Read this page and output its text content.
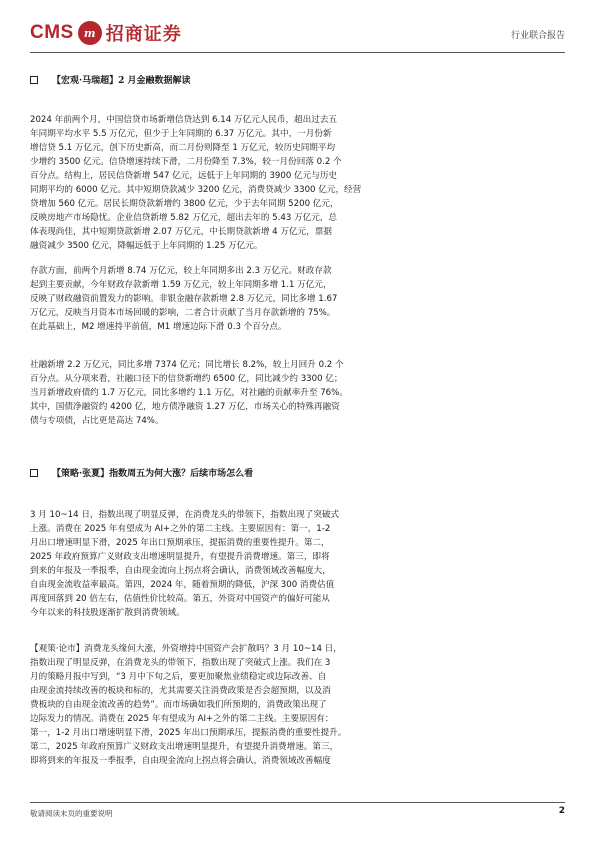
CMS m 招商证券	行业联合报告
【宏观·马瑞超】2 月金融数据解读
2024 年前两个月，中国信贷市场新增信贷达到 6.14 万亿元人民币，超出过去五
年同期平均水平 5.5 万亿元，但少于上年同期的 6.37 万亿元。其中，一月份新
增信贷 5.1 万亿元，创下历史新高，而二月份则降至 1 万亿元，较历史同期平均
少增约 3500 亿元。信贷增速持续下滑，二月份降至 7.3%，较一月份回落 0.2 个
百分点。结构上，居民信贷新增 547 亿元，远低于上年同期的 3900 亿元与历史
同期平均的 6000 亿元。其中短期贷款减少 3200 亿元，消费贷减少 3300 亿元，经营
贷增加 560 亿元。居民长期贷款新增约 3800 亿元，少于去年同期 5200 亿元，
反映房地产市场隐忧。企业信贷新增 5.82 万亿元，超出去年的 5.43 万亿元，总
体表现尚佳，其中短期贷款新增 2.07 万亿元，中长期贷款新增 4 万亿元，票据
融资减少 3500 亿元，降幅远低于上年同期的 1.25 万亿元。
存款方面，前两个月新增 8.74 万亿元，较上年同期多出 2.3 万亿元。财政存款
起到主要贡献，今年财政存款新增 1.59 万亿元，较上年同期多增 1.1 万亿元，
反映了财政融资前置发力的影响。非银金融存款新增 2.8 万亿元，同比多增 1.67
万亿元，反映当月资本市场回暖的影响，二者合计贡献了当月存款新增的 75%。
在此基础上，M2 增速持平前值，M1 增速边际下滑 0.3 个百分点。
社融新增 2.2 万亿元，同比多增 7374 亿元；同比增长 8.2%，较上月回升 0.2 个
百分点。从分项来看，社融口径下的信贷新增约 6500 亿，同比减少约 3300 亿；
当月新增政府债约 1.7 万亿元，同比多增约 1.1 万亿，对社融的贡献率升至 76%。
其中，国债净融资约 4200 亿，地方债净融资 1.27 万亿，市场关心的特殊再融资
债与专项债，占比更是高达 74%。
【策略·张夏】指数周五为何大涨？后续市场怎么看
3 月 10~14 日，指数出现了明显反弹，在消费龙头的带领下，指数出现了突破式
上涨。消费在 2025 年有望成为 AI+之外的第二主线。主要原因有：第一，1-2
月出口增速明显下滑，2025 年出口预期承压，提振消费的重要性提升。第二，
2025 年政府预算广义财政支出增速明显提升，有望提升消费增速。第三，即将
到来的年报及一季报季，自由现金流向上拐点将会确认，消费领域改善幅度大，
自由现金流收益率最高。第四，2024 年，随着预期的降低，沪深 300 消费估值
再度回落到 20 倍左右，估值性价比较高。第五，外资对中国资产的偏好可能从
今年以来的科技股逐渐扩散到消费领域。
【观策·论市】消费龙头缘何大涨，外资增持中国资产会扩散吗？3 月 10~14 日，
指数出现了明显反弹，在消费龙头的带领下，指数出现了突破式上涨。我们在 3
月的策略月报中写到，“3 月中下旬之后，要更加聚焦业绩稳定或边际改善、自
由现金流持续改善的板块和标的，尤其需要关注消费政策是否会超预期，以及消
费板块的自由现金流改善的趋势”。而市场确如我们所预期的，消费政策出现了
边际发力的情况。消费在 2025 年有望成为 AI+之外的第二主线。主要原因有：
第一，1-2 月出口增速明显下滑，2025 年出口预期承压，提振消费的重要性提升。
第二，2025 年政府预算广义财政支出增速明显提升，有望提升消费增速。第三，
即将到来的年报及一季报季，自由现金流向上拐点将会确认，消费领域改善幅度
敬请阅读末页的重要说明	2
